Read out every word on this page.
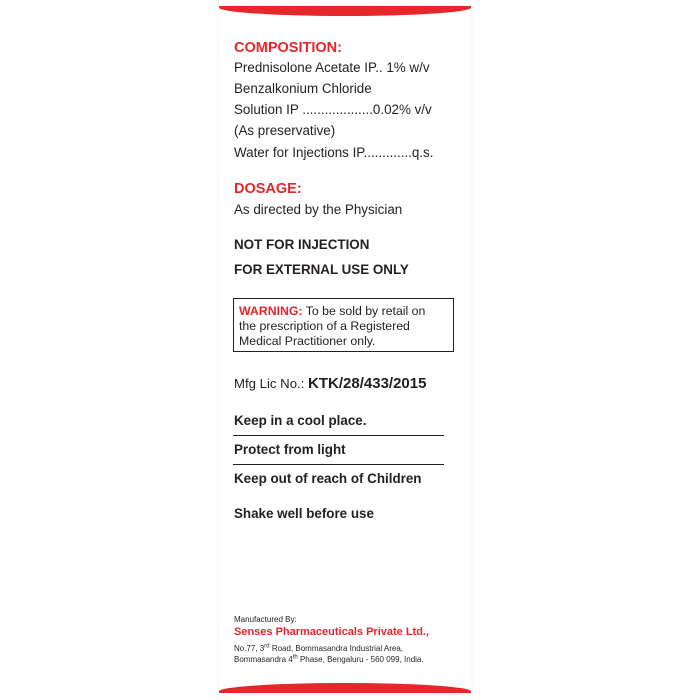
COMPOSITION:
Prednisolone Acetate IP.. 1% w/v
Benzalkonium Chloride
Solution IP ...................0.02% v/v
(As preservative)
Water for Injections IP.............q.s.
DOSAGE:
As directed by the Physician
NOT FOR INJECTION
FOR EXTERNAL USE ONLY
WARNING: To be sold by retail on
the prescription of a Registered
Medical Practitioner only.
Mfg Lic No.: KTK/28/433/2015
Keep in a cool place.
Protect from light
Keep out of reach of Children
Shake well before use
Manufactured By:
Senses Pharmaceuticals Private Ltd.,
No.77, 3rd Road, Bommasandra Industrial Area,
Bommasandra 4th Phase, Bengaluru - 560 099, India.
